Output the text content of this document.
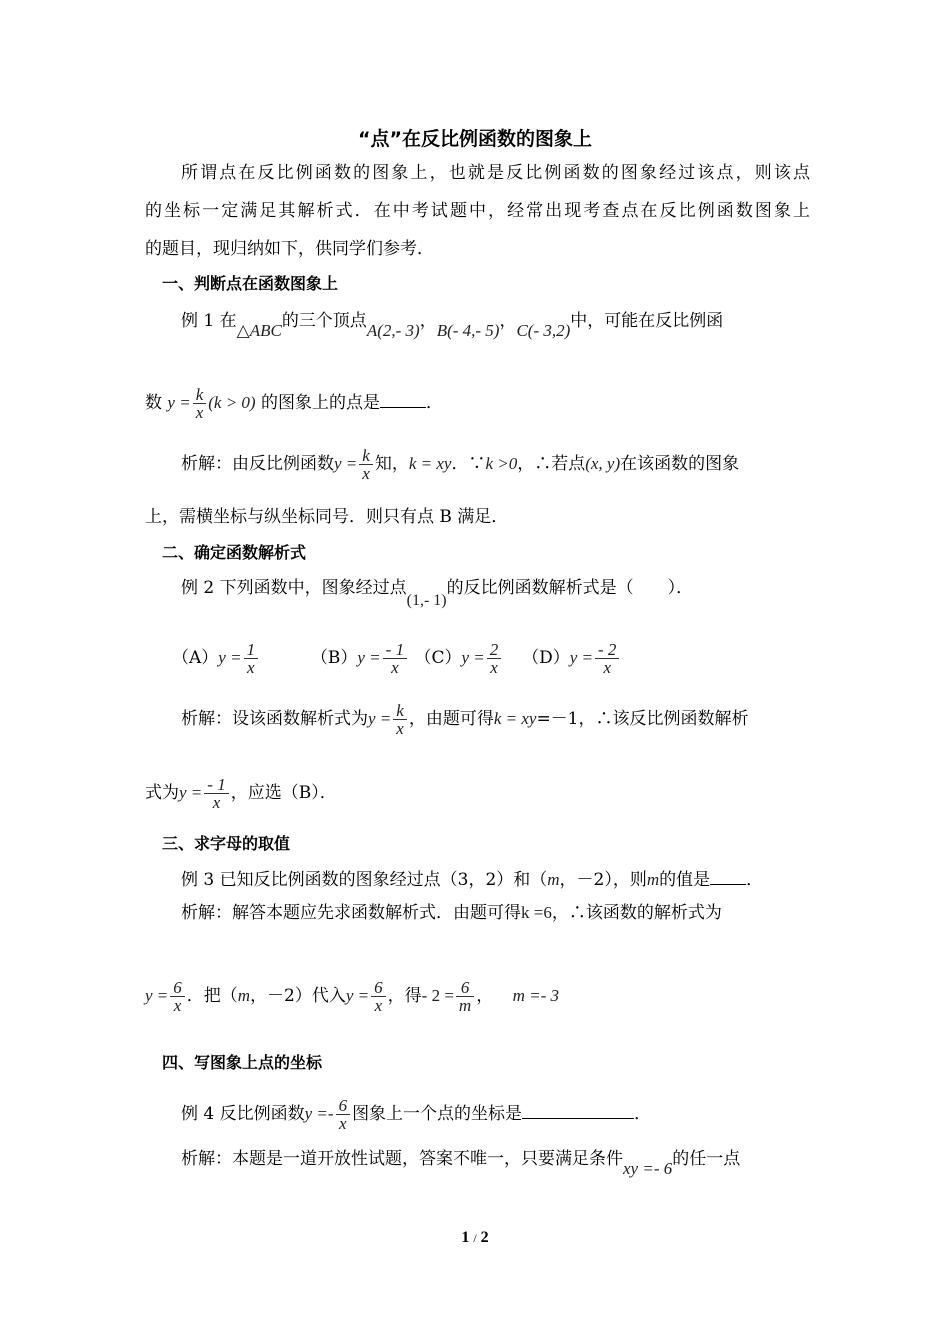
“点”在反比例函数的图象上
所谓点在反比例函数的图象上，也就是反比例函数的图象经过该点，则该点
的坐标一定满足其解析式．在中考试题中，经常出现考查点在反比例函数图象上
的题目，现归纳如下，供同学们参考．
一、判断点在函数图象上
例 1 在△ABC的三个顶点A(2,- 3)，B(- 4,- 5)，C(- 3,2)中，可能在反比例函
数 $y = \frac{k}{x} (k > 0)$ 的图象上的点是	．
析解：由反比例函数$y = \frac{k}{x}$ 知，k = xy．∵k >0，∴若点(x, y)在该函数的图象
上，需横坐标与纵坐标同号．则只有点 B 满足．
二、确定函数解析式
例 2 下列函数中，图象经过点(1,- 1)的反比例函数解析式是（　　）．
$(A)y = \frac{1}{x}$	$(B)y = \frac{- 1}{x} (C)y = \frac{2}{x} (D)y = \frac{- 2}{x}$
析解：设该函数解析式为$y = \frac{k}{x}$ ，由题可得k = xy=－1，∴该反比例函数解析
式为$y = \frac{- 1}{x}$ ，应选（B）．
三、求字母的取值
例 3 已知反比例函数的图象经过点（3，2）和（m，－2），则m的值是 ．
析解：解答本题应先求函数解析式．由题可得k =6，∴该函数的解析式为
$y = \frac{6}{x}$ ．把（m，－2）代入$y = \frac{6}{x}$ ，得- $2 = \frac{6}{m}$ ， m =- 3
四、写图象上点的坐标
例 4 反比例函数$y =- \frac{6}{x}$ 图象上一个点的坐标是	．
析解：本题是一道开放性试题，答案不唯一，只要满足条件xy =- 6的任一点
1 / 2
